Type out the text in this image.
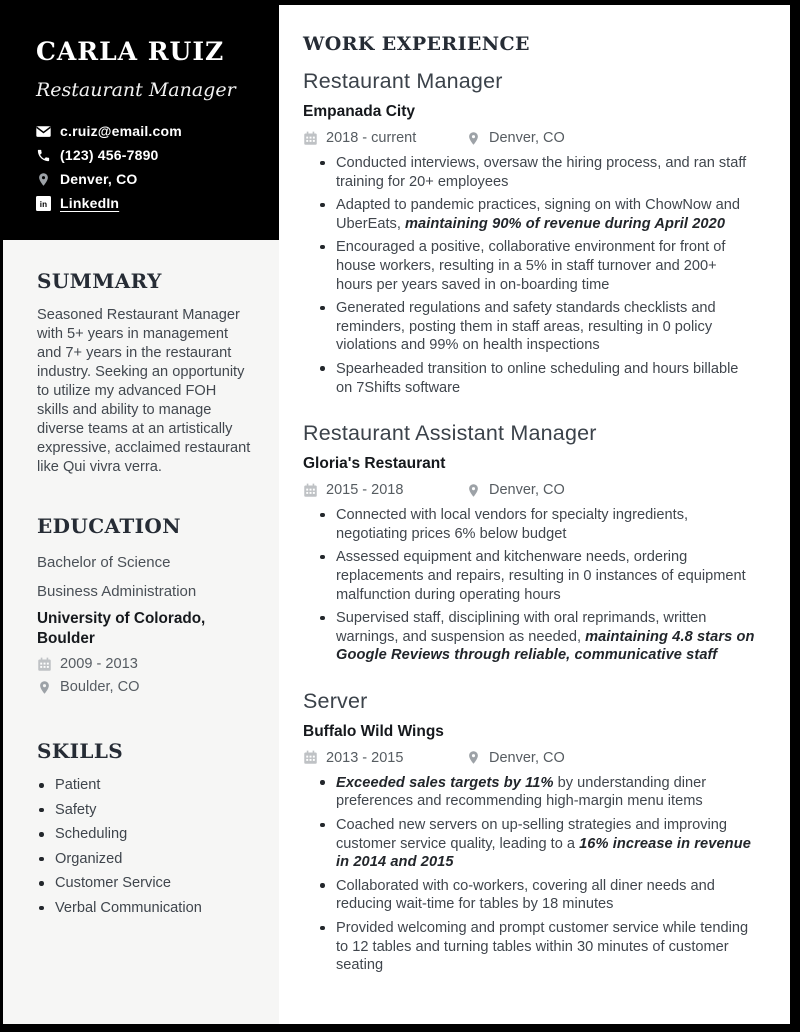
CARLA RUIZ
Restaurant Manager
c.ruiz@email.com
(123) 456-7890
Denver, CO
in LinkedIn
SUMMARY

Seasoned Restaurant Manager with 5+ years in management and 7+ years in the restaurant industry. Seeking an opportunity to utilize my advanced FOH skills and ability to manage diverse teams at an artistically expressive, acclaimed restaurant like Qui vivra verra.

EDUCATION
Bachelor of Science
Business Administration
University of Colorado, Boulder
2009 - 2013
Boulder, CO
SKILLS
Patient
Safety
Scheduling
Organized
Customer Service
Verbal Communication
WORK EXPERIENCE
Restaurant Manager
Empanada City
2018 - current	Denver, CO
Conducted interviews, oversaw the hiring process, and ran staff training for 20+ employees
Adapted to pandemic practices, signing on with ChowNow and UberEats, maintaining 90% of revenue during April 2020
Encouraged a positive, collaborative environment for front of house workers, resulting in a 5% in staff turnover and 200+ hours per years saved in on-boarding time
Generated regulations and safety standards checklists and reminders, posting them in staff areas, resulting in 0 policy violations and 99% on health inspections
Spearheaded transition to online scheduling and hours billable on 7Shifts software
Restaurant Assistant Manager
Gloria's Restaurant
2015 - 2018	Denver, CO
Connected with local vendors for specialty ingredients, negotiating prices 6% below budget
Assessed equipment and kitchenware needs, ordering replacements and repairs, resulting in 0 instances of equipment malfunction during operating hours
Supervised staff, disciplining with oral reprimands, written warnings, and suspension as needed, maintaining 4.8 stars on Google Reviews through reliable, communicative staff
Server
Buffalo Wild Wings
2013 - 2015	Denver, CO
Exceeded sales targets by 11% by understanding diner preferences and recommending high-margin menu items
Coached new servers on up-selling strategies and improving customer service quality, leading to a 16% increase in revenue in 2014 and 2015
Collaborated with co-workers, covering all diner needs and reducing wait-time for tables by 18 minutes
Provided welcoming and prompt customer service while tending to 12 tables and turning tables within 30 minutes of customer seating
